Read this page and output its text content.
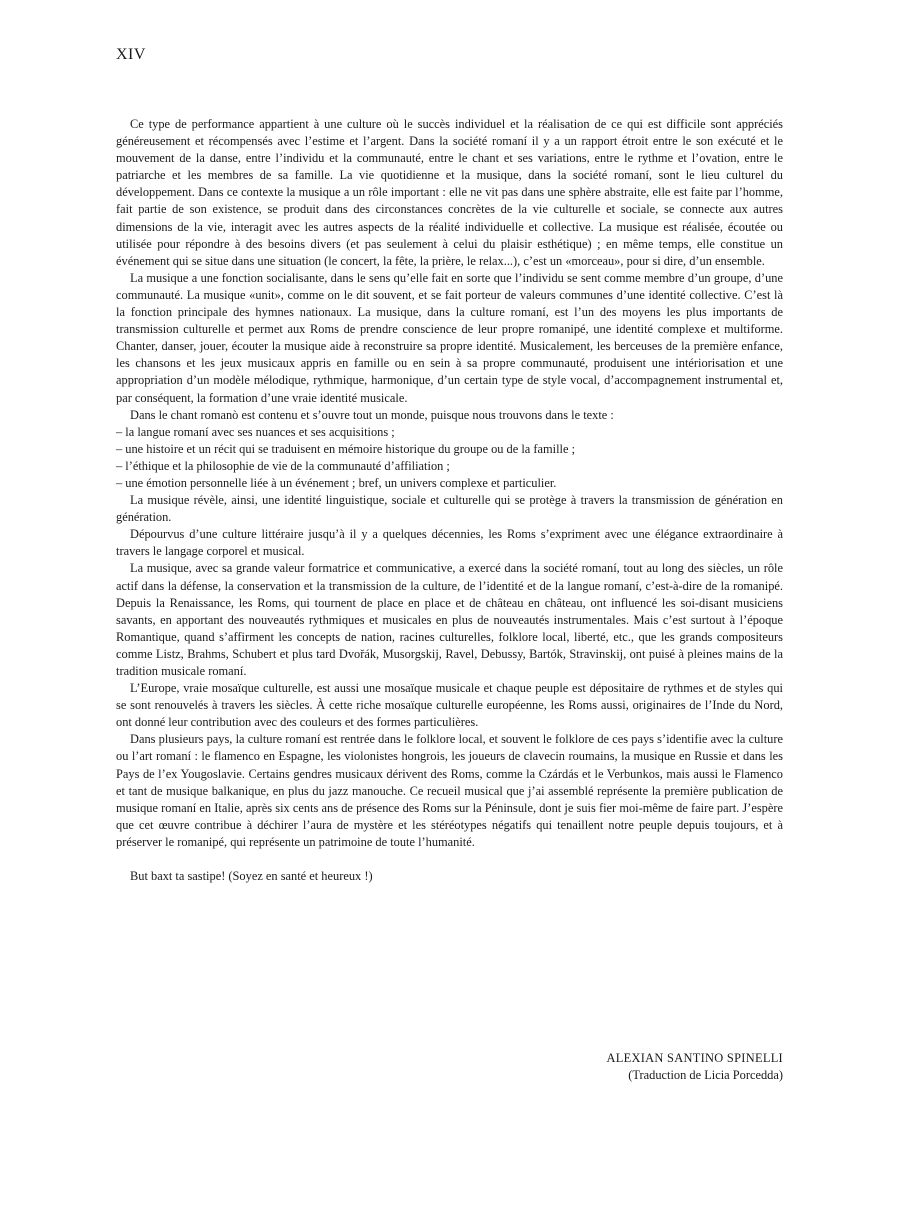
XIV

Ce type de performance appartient à une culture où le succès individuel et la réalisation de ce qui est difficile sont appréciés généreusement et récompensés avec l’estime et l’argent. Dans la société romaní il y a un rapport étroit entre le son exécuté et le mouvement de la danse, entre l’individu et la communauté, entre le chant et ses variations, entre le rythme et l’ovation, entre le patriarche et les membres de sa famille. La vie quotidienne et la musique, dans la société romaní, sont le lieu culturel du développement. Dans ce contexte la musique a un rôle important : elle ne vit pas dans une sphère abstraite, elle est faite par l’homme, fait partie de son existence, se produit dans des circonstances concrètes de la vie culturelle et sociale, se connecte aux autres dimensions de la vie, interagit avec les autres aspects de la réalité individuelle et collective. La musique est réalisée, écoutée ou utilisée pour répondre à des besoins divers (et pas seulement à celui du plaisir esthétique) ; en même temps, elle constitue un événement qui se situe dans une situation (le concert, la fête, la prière, le relax...), c’est un «morceau», pour si dire, d’un ensemble.

La musique a une fonction socialisante, dans le sens qu’elle fait en sorte que l’individu se sent comme membre d’un groupe, d’une communauté. La musique «unit», comme on le dit souvent, et se fait porteur de valeurs communes d’une identité collective. C’est là la fonction principale des hymnes nationaux. La musique, dans la culture romaní, est l’un des moyens les plus importants de transmission culturelle et permet aux Roms de prendre conscience de leur propre romanipé, une identité complexe et multiforme. Chanter, danser, jouer, écouter la musique aide à reconstruire sa propre identité. Musicalement, les berceuses de la première enfance, les chansons et les jeux musicaux appris en famille ou en sein à sa propre communauté, produisent une intériorisation et une appropriation d’un modèle mélodique, rythmique, harmonique, d’un certain type de style vocal, d’accompagnement instrumental et, par conséquent, la formation d’une vraie identité musicale.

Dans le chant romanò est contenu et s’ouvre tout un monde, puisque nous trouvons dans le texte :

– la langue romaní avec ses nuances et ses acquisitions ;

– une histoire et un récit qui se traduisent en mémoire historique du groupe ou de la famille ;

– l’éthique et la philosophie de vie de la communauté d’affiliation ;

– une émotion personnelle liée à un événement ; bref, un univers complexe et particulier.

La musique révèle, ainsi, une identité linguistique, sociale et culturelle qui se protège à travers la transmission de génération en génération.

Dépourvus d’une culture littéraire jusqu’à il y a quelques décennies, les Roms s’expriment avec une élégance extraordinaire à travers le langage corporel et musical.

La musique, avec sa grande valeur formatrice et communicative, a exercé dans la société romaní, tout au long des siècles, un rôle actif dans la défense, la conservation et la transmission de la culture, de l’identité et de la langue romaní, c’est-à-dire de la romanipé. Depuis la Renaissance, les Roms, qui tournent de place en place et de château en château, ont influencé les soi-disant musiciens savants, en apportant des nouveautés rythmiques et musicales en plus de nouveautés instrumentales. Mais c’est surtout à l’époque Romantique, quand s’affirment les concepts de nation, racines culturelles, folklore local, liberté, etc., que les grands compositeurs comme Listz, Brahms, Schubert et plus tard Dvořák, Musorgskij, Ravel, Debussy, Bartók, Stravinskij, ont puisé à pleines mains de la tradition musicale romaní.

L’Europe, vraie mosaïque culturelle, est aussi une mosaïque musicale et chaque peuple est dépositaire de rythmes et de styles qui se sont renouvelés à travers les siècles. À cette riche mosaïque culturelle européenne, les Roms aussi, originaires de l’Inde du Nord, ont donné leur contribution avec des couleurs et des formes particulières.

Dans plusieurs pays, la culture romaní est rentrée dans le folklore local, et souvent le folklore de ces pays s’identifie avec la culture ou l’art romaní : le flamenco en Espagne, les violonistes hongrois, les joueurs de clavecin roumains, la musique en Russie et dans les Pays de l’ex Yougoslavie. Certains gendres musicaux dérivent des Roms, comme la Czárdás et le Verbunkos, mais aussi le Flamenco et tant de musique balkanique, en plus du jazz manouche. Ce recueil musical que j’ai assemblé représente la première publication de musique romaní en Italie, après six cents ans de présence des Roms sur la Péninsule, dont je suis fier moi-même de faire part. J’espère que cet œuvre contribue à déchirer l’aura de mystère et les stéréotypes négatifs qui tenaillent notre peuple depuis toujours, et à préserver le romanipé, qui représente un patrimoine de toute l’humanité.

But baxt ta sastipe! (Soyez en santé et heureux !)

ALEXIAN SANTINO SPINELLI
(Traduction de Licia Porcedda)
